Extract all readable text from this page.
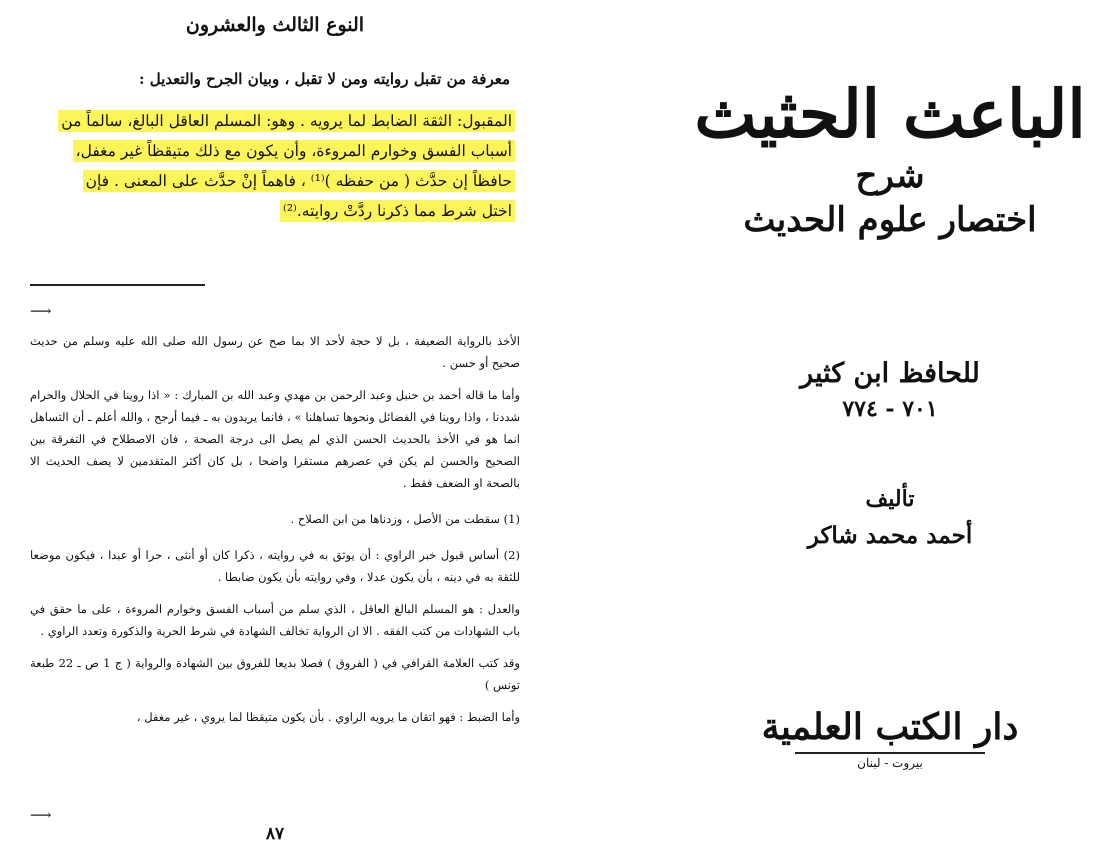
النوع الثالث والعشرون
معرفة من تقبل روايته ومن لا تقبل ، وبيان الجرح والتعديل :
المقبول: الثقة الضابط لما يرويه . وهو: المسلم العاقل البالغ، سالماً من
أسباب الفسق وخوارم المروءة، وأن يكون مع ذلك متيقظاً غير مغفل،
حافظاً إن حدَّث ( من حفظه )⁽¹⁾ ، فاهماً إنْ حدَّث على المعنى . فإن
اختل شرط مما ذكرنا ردَّتْ روايته.⁽²⁾
⟶

الأخذ بالرواية الضعيفة ، بل لا حجة لأحد الا بما صح عن رسول الله صلى الله عليه وسلم من حديث صحيح أو حسن .

وأما ما قاله أحمد بن حنبل وعبد الرحمن بن مهدي وعبد الله بن المبارك : « اذا روينا في الحلال والحرام شددنا ، واذا روينا في الفضائل ونحوها تساهلنا » ، فانما يريدون به ـ فيما أرجح ، والله أعلم ـ أن التساهل انما هو في الأخذ بالحديث الحسن الذي لم يصل الى درجة الصحة ، فان الاصطلاح في التفرقة بين الصحيح والحسن لم يكن في عصرهم مستقرا واضحا ، بل كان أكثر المتقدمين لا يصف الحديث الا بالصحة او الضعف فقط .

(1) سقطت من الأصل ، وزدناها من ابن الصلاح .

(2) أساس قبول خبر الراوي : أن يوثق به في روايته ، ذكرا كان أو أنثى ، حرا أو عبدا ، فيكون موضعا للثقة به في دينه ، بأن يكون عدلا ، وفي روايته بأن يكون ضابطا .

والعدل : هو المسلم البالغ العاقل ، الذي سلم من أسباب الفسق وخوارم المروءة ، على ما حقق في باب الشهادات من كتب الفقه . الا ان الرواية تخالف الشهادة في شرط الحرية والذكورة وتعدد الراوي .

وقد كتب العلامة القرافي في ( الفروق ) فصلا بديعا للفروق بين الشهادة والرواية ( ج 1 ص ـ 22 طبعة تونس )

وأما الضبط : فهو اتقان ما يرويه الراوي . بأن يكون متيقظا لما يروي ، غير مغفل ،

⟶
٨٧
الباعث الحثيث
شرح
اختصار علوم الحديث
للحافظ ابن كثير
٧٠١ - ٧٧٤
تأليف
أحمد محمد شاكر
دار الكتب العلمية
بيروت - لبنان
